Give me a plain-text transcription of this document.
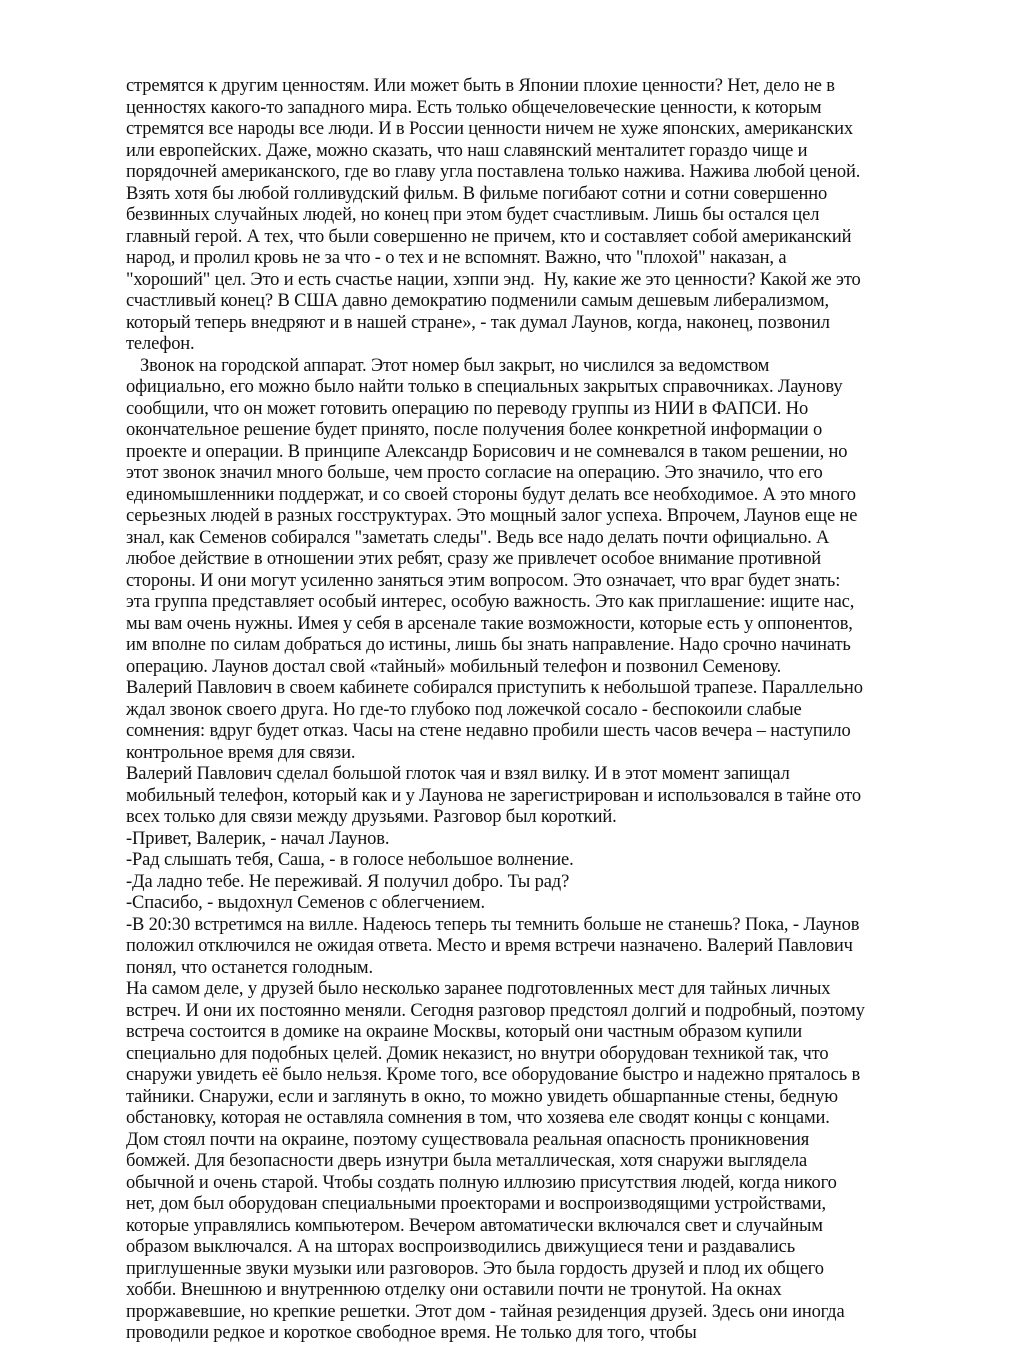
стремятся к другим ценностям. Или может быть в Японии плохие ценности? Нет, дело не в ценностях какого-то западного мира. Есть только общечеловеческие ценности, к которым стремятся все народы все люди. И в России ценности ничем не хуже японских, американских или европейских. Даже, можно сказать, что наш славянский менталитет гораздо чище и порядочней американского, где во главу угла поставлена только нажива. Нажива любой ценой. Взять хотя бы любой голливудский фильм. В фильме погибают сотни и сотни совершенно безвинных случайных людей, но конец при этом будет счастливым. Лишь бы остался цел главный герой. А тех, что были совершенно не причем, кто и составляет собой американский народ, и пролил кровь не за что - о тех и не вспомнят. Важно, что "плохой" наказан, а "хороший" цел. Это и есть счастье нации, хэппи энд.  Ну, какие же это ценности? Какой же это счастливый конец? В США давно демократию подменили самым дешевым либерализмом, который теперь внедряют и в нашей стране», - так думал Лаунов, когда, наконец, позвонил телефон.

Звонок на городской аппарат. Этот номер был закрыт, но числился за ведомством официально, его можно было найти только в специальных закрытых справочниках. Лаунову сообщили, что он может готовить операцию по переводу группы из НИИ в ФАПСИ. Но окончательное решение будет принято, после получения более конкретной информации о проекте и операции. В принципе Александр Борисович и не сомневался в таком решении, но этот звонок значил много больше, чем просто согласие на операцию. Это значило, что его единомышленники поддержат, и со своей стороны будут делать все необходимое. А это много серьезных людей в разных госструктурах. Это мощный залог успеха. Впрочем, Лаунов еще не знал, как Семенов собирался "заметать следы". Ведь все надо делать почти официально. А любое действие в отношении этих ребят, сразу же привлечет особое внимание противной стороны. И они могут усиленно заняться этим вопросом. Это означает, что враг будет знать: эта группа представляет особый интерес, особую важность. Это как приглашение: ищите нас, мы вам очень нужны. Имея у себя в арсенале такие возможности, которые есть у оппонентов, им вполне по силам добраться до истины, лишь бы знать направление. Надо срочно начинать операцию. Лаунов достал свой «тайный» мобильный телефон и позвонил Семенову.

Валерий Павлович в своем кабинете собирался приступить к небольшой трапезе. Параллельно ждал звонок своего друга. Но где-то глубоко под ложечкой сосало - беспокоили слабые сомнения: вдруг будет отказ. Часы на стене недавно пробили шесть часов вечера – наступило контрольное время для связи.

Валерий Павлович сделал большой глоток чая и взял вилку. И в этот момент запищал мобильный телефон, который как и у Лаунова не зарегистрирован и использовался в тайне ото всех только для связи между друзьями. Разговор был короткий.

-Привет, Валерик, - начал Лаунов.

-Рад слышать тебя, Саша, - в голосе небольшое волнение.

-Да ладно тебе. Не переживай. Я получил добро. Ты рад?

-Спасибо, - выдохнул Семенов с облегчением.

-В 20:30 встретимся на вилле. Надеюсь теперь ты темнить больше не станешь? Пока, - Лаунов положил отключился не ожидая ответа. Место и время встречи назначено. Валерий Павлович понял, что останется голодным.

На самом деле, у друзей было несколько заранее подготовленных мест для тайных личных встреч. И они их постоянно меняли. Сегодня разговор предстоял долгий и подробный, поэтому встреча состоится в домике на окраине Москвы, который они частным образом купили специально для подобных целей. Домик неказист, но внутри оборудован техникой так, что снаружи увидеть её было нельзя. Кроме того, все оборудование быстро и надежно пряталось в тайники. Снаружи, если и заглянуть в окно, то можно увидеть обшарпанные стены, бедную обстановку, которая не оставляла сомнения в том, что хозяева еле сводят концы с концами. Дом стоял почти на окраине, поэтому существовала реальная опасность проникновения бомжей. Для безопасности дверь изнутри была металлическая, хотя снаружи выглядела обычной и очень старой. Чтобы создать полную иллюзию присутствия людей, когда никого нет, дом был оборудован специальными проекторами и воспроизводящими устройствами, которые управлялись компьютером. Вечером автоматически включался свет и случайным образом выключался. А на шторах воспроизводились движущиеся тени и раздавались приглушенные звуки музыки или разговоров. Это была гордость друзей и плод их общего хобби. Внешнюю и внутреннюю отделку они оставили почти не тронутой. На окнах проржавевшие, но крепкие решетки. Этот дом - тайная резиденция друзей. Здесь они иногда проводили редкое и короткое свободное время. Не только для того, чтобы
